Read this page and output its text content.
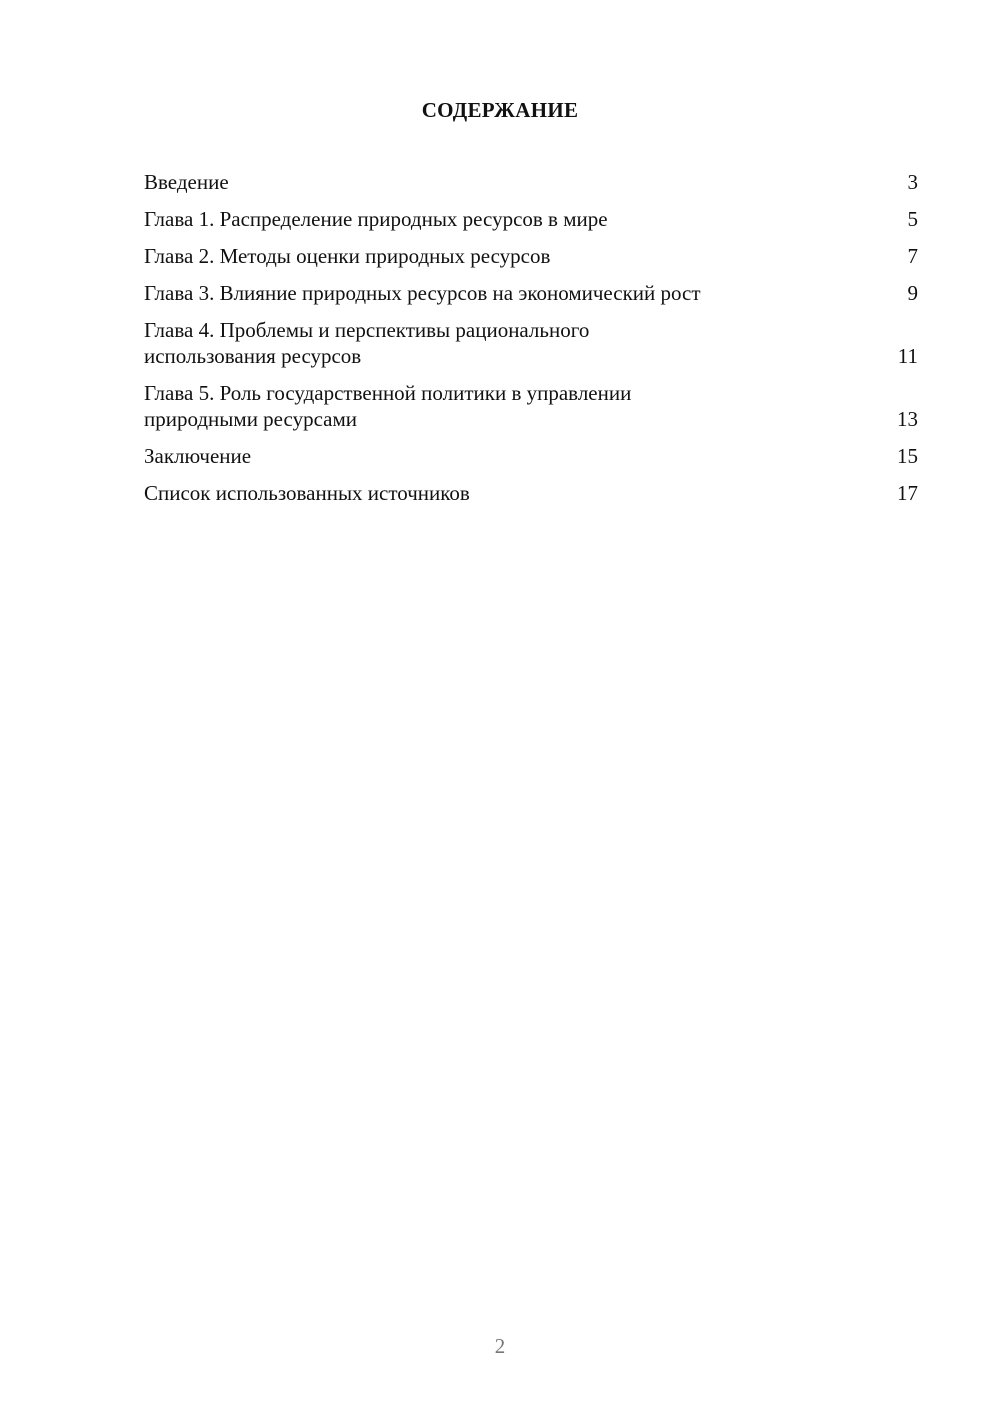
СОДЕРЖАНИЕ
Введение	3
Глава 1. Распределение природных ресурсов в мире	5
Глава 2. Методы оценки природных ресурсов	7
Глава 3. Влияние природных ресурсов на экономический рост	9
Глава 4. Проблемы и перспективы рационального
использования ресурсов	11
Глава 5. Роль государственной политики в управлении
природными ресурсами	13
Заключение	15
Список использованных источников	17
2
